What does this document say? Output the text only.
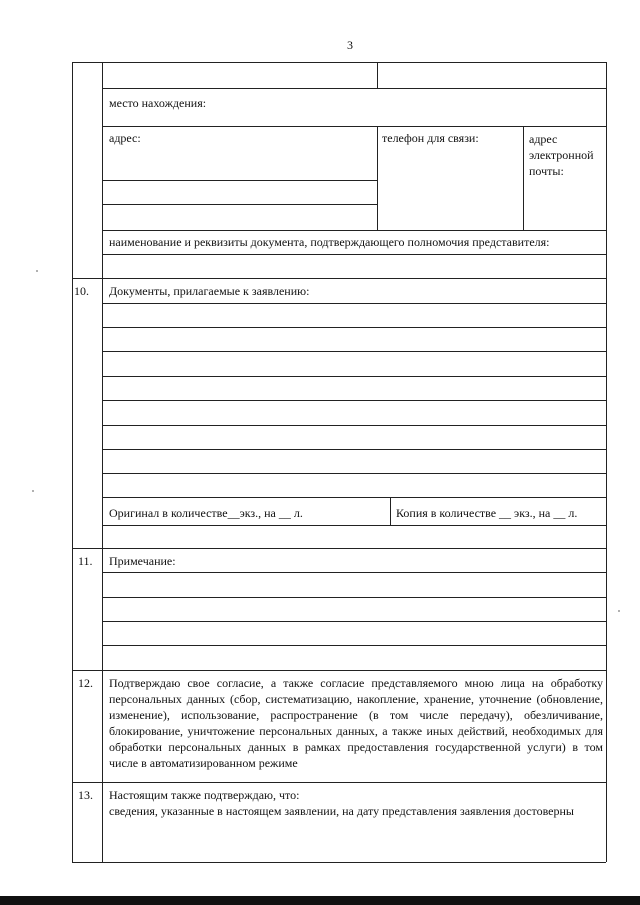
3
место нахождения:
адрес:	телефон для связи:	адрес электронной почты:
наименование и реквизиты документа, подтверждающего полномочия представителя:
10. Документы, прилагаемые к заявлению:
Оригинал в количестве__экз., на __ л.	Копия в количестве __ экз., на __ л.
11. Примечание:
12. Подтверждаю свое согласие, а также согласие представляемого мною лица на обработку персональных данных (сбор, систематизацию, накопление, хранение, уточнение (обновление, изменение), использование, распространение (в том числе передачу), обезличивание, блокирование, уничтожение персональных данных, а также иных действий, необходимых для обработки персональных данных в рамках предоставления государственной услуги) в том числе в автоматизированном режиме
13. Настоящим также подтверждаю, что:
сведения, указанные в настоящем заявлении, на дату представления заявления достоверны
